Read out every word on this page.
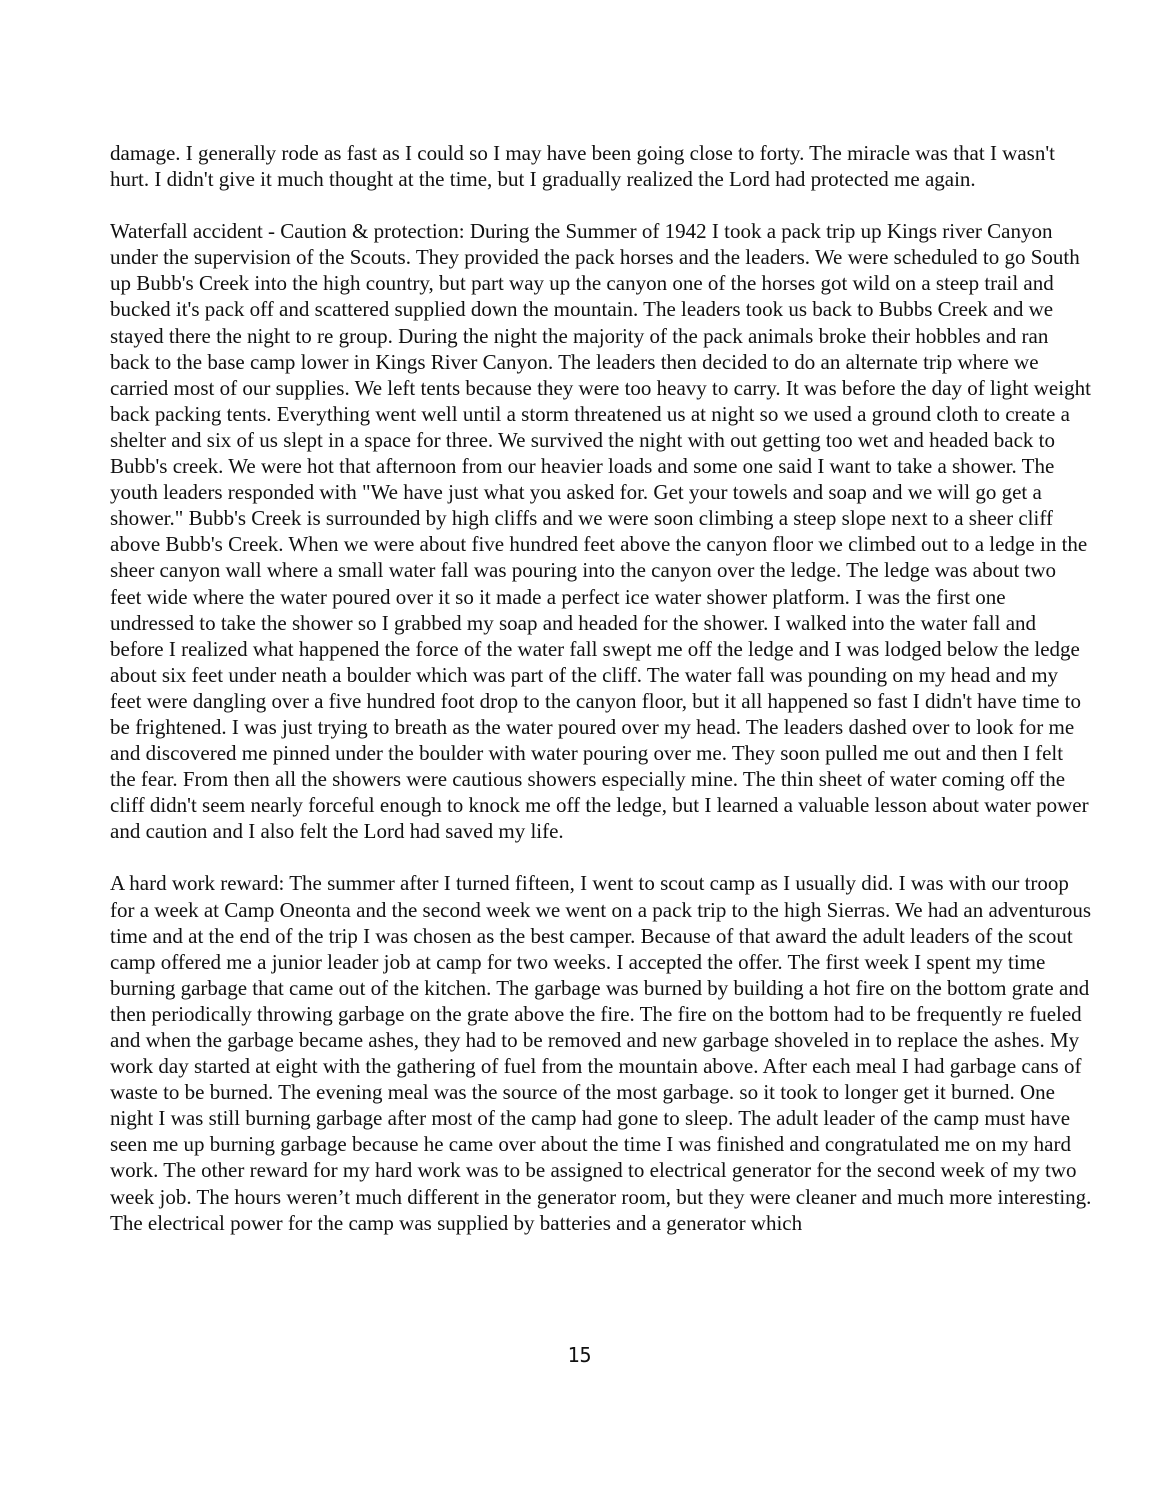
damage. I generally rode as fast as I could so I may have been going close to forty. The miracle was that I wasn't hurt. I didn't give it much thought at the time, but I gradually realized the Lord had protected me again.

Waterfall accident - Caution & protection: During the Summer of 1942 I took a pack trip up Kings river Canyon under the supervision of the Scouts. They provided the pack horses and the leaders. We were scheduled to go South up Bubb's Creek into the high country, but part way up the canyon one of the horses got wild on a steep trail and bucked it's pack off and scattered supplied down the mountain. The leaders took us back to Bubbs Creek and we stayed there the night to re group. During the night the majority of the pack animals broke their hobbles and ran back to the base camp lower in Kings River Canyon. The leaders then decided to do an alternate trip where we carried most of our supplies. We left tents because they were too heavy to carry. It was before the day of light weight back packing tents. Everything went well until a storm threatened us at night so we used a ground cloth to create a shelter and six of us slept in a space for three. We survived the night with out getting too wet and headed back to Bubb's creek. We were hot that afternoon from our heavier loads and some one said I want to take a shower. The youth leaders responded with "We have just what you asked for. Get your towels and soap and we will go get a shower." Bubb's Creek is surrounded by high cliffs and we were soon climbing a steep slope next to a sheer cliff above Bubb's Creek. When we were about five hundred feet above the canyon floor we climbed out to a ledge in the sheer canyon wall where a small water fall was pouring into the canyon over the ledge. The ledge was about two feet wide where the water poured over it so it made a perfect ice water shower platform. I was the first one undressed to take the shower so I grabbed my soap and headed for the shower. I walked into the water fall and before I realized what happened the force of the water fall swept me off the ledge and I was lodged below the ledge about six feet under neath a boulder which was part of the cliff. The water fall was pounding on my head and my feet were dangling over a five hundred foot drop to the canyon floor, but it all happened so fast I didn't have time to be frightened. I was just trying to breath as the water poured over my head. The leaders dashed over to look for me and discovered me pinned under the boulder with water pouring over me. They soon pulled me out and then I felt the fear. From then all the showers were cautious showers especially mine. The thin sheet of water coming off the cliff didn't seem nearly forceful enough to knock me off the ledge, but I learned a valuable lesson about water power and caution and I also felt the Lord had saved my life.

A hard work reward: The summer after I turned fifteen, I went to scout camp as I usually did. I was with our troop for a week at Camp Oneonta and the second week we went on a pack trip to the high Sierras. We had an adventurous time and at the end of the trip I was chosen as the best camper. Because of that award the adult leaders of the scout camp offered me a junior leader job at camp for two weeks. I accepted the offer. The first week I spent my time burning garbage that came out of the kitchen. The garbage was burned by building a hot fire on the bottom grate and then periodically throwing garbage on the grate above the fire. The fire on the bottom had to be frequently re fueled and when the garbage became ashes, they had to be removed and new garbage shoveled in to replace the ashes. My work day started at eight with the gathering of fuel from the mountain above. After each meal I had garbage cans of waste to be burned. The evening meal was the source of the most garbage. so it took to longer get it burned. One night I was still burning garbage after most of the camp had gone to sleep. The adult leader of the camp must have seen me up burning garbage because he came over about the time I was finished and congratulated me on my hard work. The other reward for my hard work was to be assigned to electrical generator for the second week of my two week job. The hours weren’t much different in the generator room, but they were cleaner and much more interesting. The electrical power for the camp was supplied by batteries and a generator which

15
